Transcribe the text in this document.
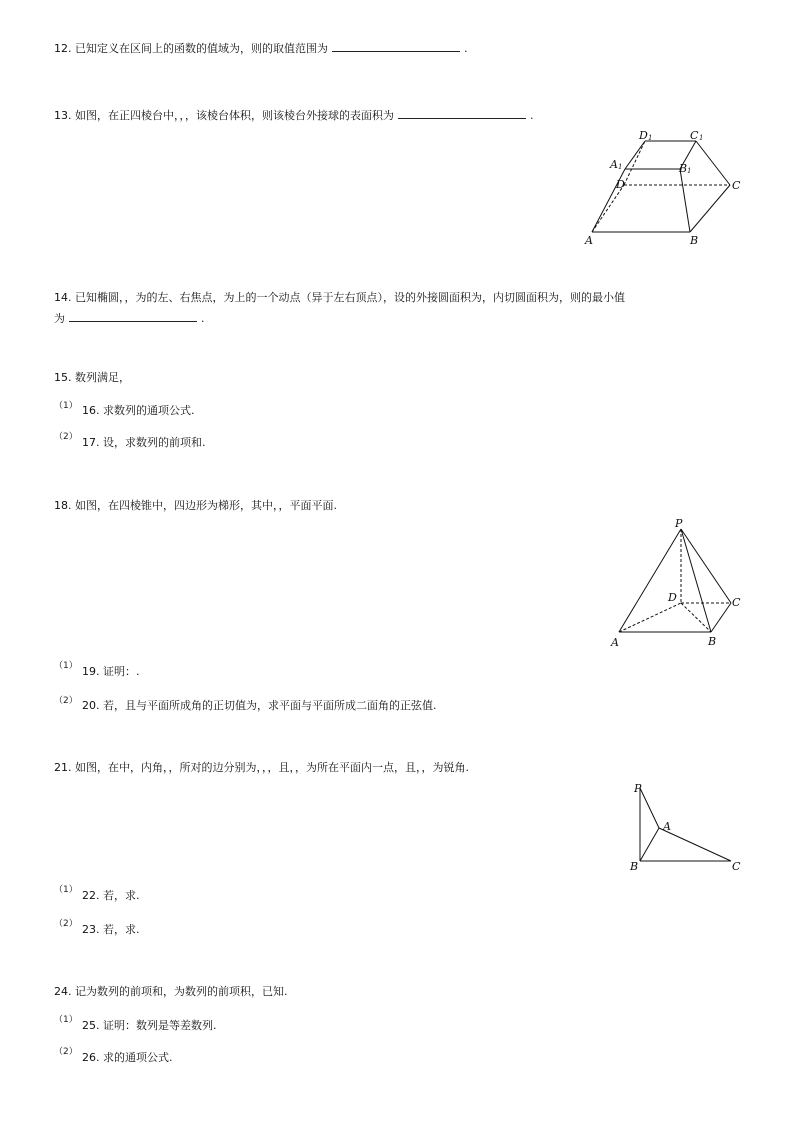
12. 已知定义在区间上的函数的值域为，则的取值范围为	.
13. 如图，在正四棱台中，，，该棱台体积，则该棱台外接球的表面积为	.
D 1	C 1
A 1	B 1
D	C
A	B
14. 已知椭圆，，为的左、右焦点，为上的一个动点（异于左右顶点），设的外接圆面积为，内切圆面积为，则的最小值
为	.
15. 数列满足，
（1） 16. 求数列的通项公式.
（2） 17. 设，求数列的前项和.
18. 如图，在四棱锥中，四边形为梯形，其中，，平面平面.
P
D	C
A	B
（1） 19. 证明：.
（2） 20. 若，且与平面所成角的正切值为，求平面与平面所成二面角的正弦值.
21. 如图，在中，内角，，所对的边分别为，，，且，，为所在平面内一点，且，，为锐角.
P
A
B	C
（1） 22. 若，求.
（2） 23. 若，求.
24. 记为数列的前项和，为数列的前项积，已知.
（1） 25. 证明：数列是等差数列.
（2） 26. 求的通项公式.
